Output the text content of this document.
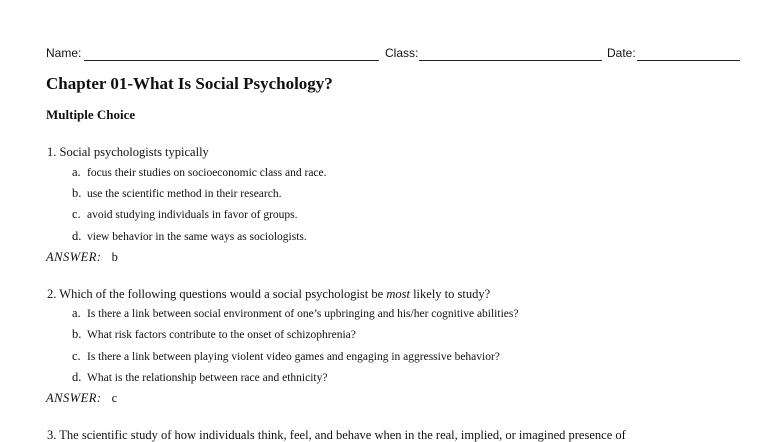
Name:	Class:	Date:
Chapter 01-What Is Social Psychology?
Multiple Choice
1. Social psychologists typically
a. focus their studies on socioeconomic class and race.
b. use the scientific method in their research.
c. avoid studying individuals in favor of groups.
d. view behavior in the same ways as sociologists.
ANSWER: b
2. Which of the following questions would a social psychologist be most likely to study?
a. Is there a link between social environment of one’s upbringing and his/her cognitive abilities?
b. What risk factors contribute to the onset of schizophrenia?
c. Is there a link between playing violent video games and engaging in aggressive behavior?
d. What is the relationship between race and ethnicity?
ANSWER: c
3. The scientific study of how individuals think, feel, and behave when in the real, implied, or imagined presence of
